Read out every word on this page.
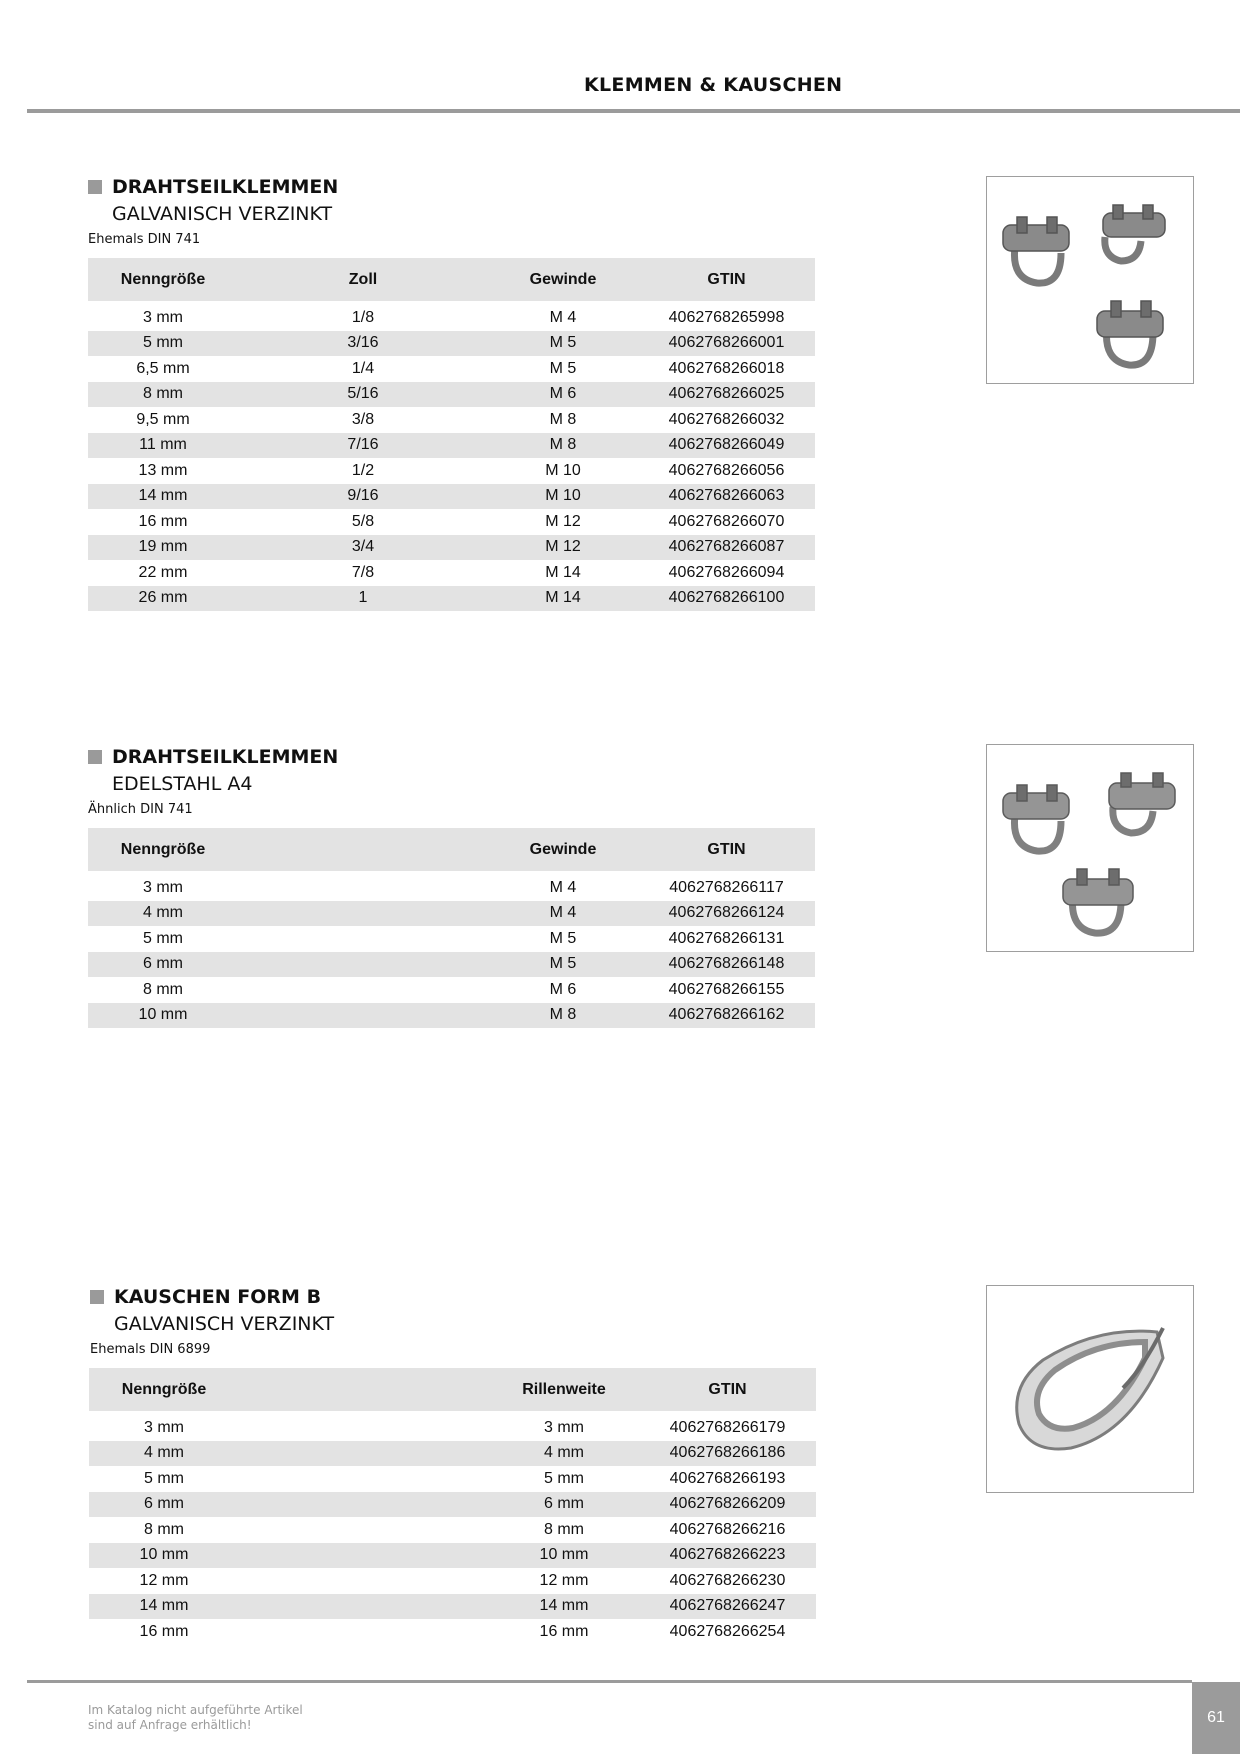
KLEMMEN & KAUSCHEN
DRAHTSEILKLEMMEN
GALVANISCH VERZINKT
Ehemals DIN 741
Nenngröße	Zoll	Gewinde	GTIN
3 mm	1/8	M 4	4062768265998
5 mm	3/16	M 5	4062768266001
6,5 mm	1/4	M 5	4062768266018
8 mm	5/16	M 6	4062768266025
9,5 mm	3/8	M 8	4062768266032
11 mm	7/16	M 8	4062768266049
13 mm	1/2	M 10	4062768266056
14 mm	9/16	M 10	4062768266063
16 mm	5/8	M 12	4062768266070
19 mm	3/4	M 12	4062768266087
22 mm	7/8	M 14	4062768266094
26 mm	1	M 14	4062768266100
DRAHTSEILKLEMMEN
EDELSTAHL A4
Ähnlich DIN 741
Nenngröße		Gewinde	GTIN
3 mm		M 4	4062768266117
4 mm		M 4	4062768266124
5 mm		M 5	4062768266131
6 mm		M 5	4062768266148
8 mm		M 6	4062768266155
10 mm		M 8	4062768266162
KAUSCHEN FORM B
GALVANISCH VERZINKT
Ehemals DIN 6899
Nenngröße		Rillenweite	GTIN
3 mm		3 mm	4062768266179
4 mm		4 mm	4062768266186
5 mm		5 mm	4062768266193
6 mm		6 mm	4062768266209
8 mm		8 mm	4062768266216
10 mm		10 mm	4062768266223
12 mm		12 mm	4062768266230
14 mm		14 mm	4062768266247
16 mm		16 mm	4062768266254
Im Katalog nicht aufgeführte Artikel
sind auf Anfrage erhältlich!	61
